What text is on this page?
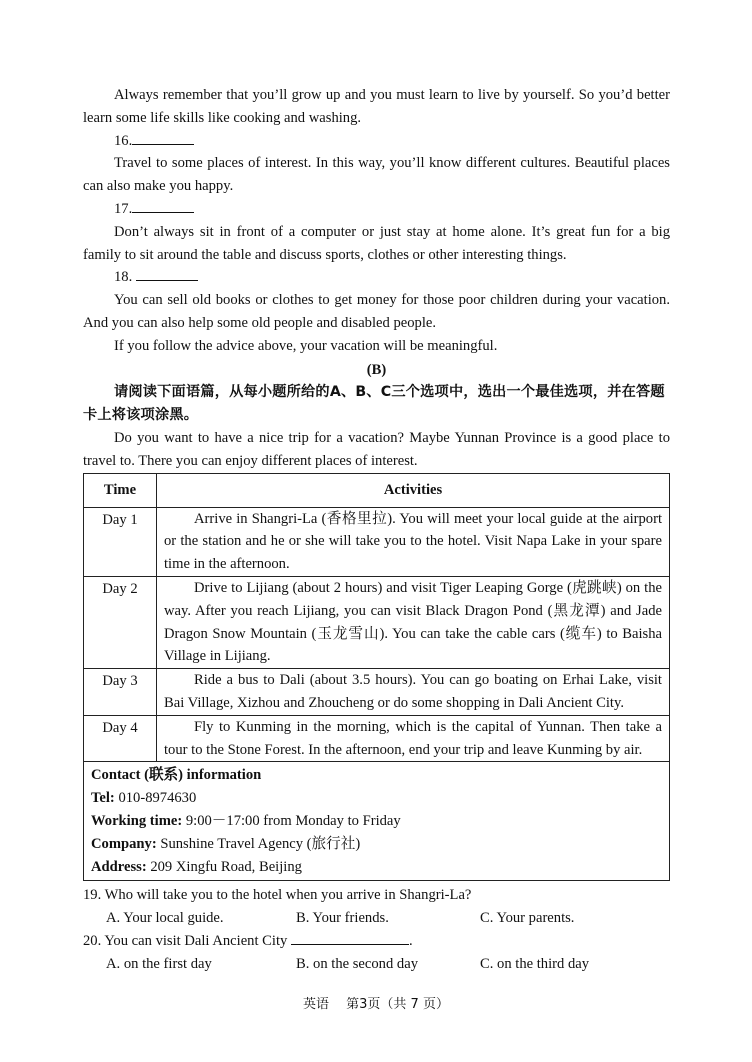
Always remember that you’ll grow up and you must learn to live by yourself. So you’d better learn some life skills like cooking and washing.

16.

Travel to some places of interest. In this way, you’ll know different cultures. Beautiful places can also make you happy.

17.

Don’t always sit in front of a computer or just stay at home alone. It’s great fun for a big family to sit around the table and discuss sports, clothes or other interesting things.

18.

You can sell old books or clothes to get money for those poor children during your vacation. And you can also help some old people and disabled people.

If you follow the advice above, your vacation will be meaningful.

(B)

请阅读下面语篇，从每小题所给的A、B、C三个选项中，选出一个最佳选项，并在答题卡上将该项涂黑。

Do you want to have a nice trip for a vacation? Maybe Yunnan Province is a good place to travel to. There you can enjoy different places of interest.

Time	Activities
Day 1	Arrive in Shangri-La (香格里拉). You will meet your local guide at the airport or the station and he or she will take you to the hotel. Visit Napa Lake in your spare time in the afternoon.
Day 2	Drive to Lijiang (about 2 hours) and visit Tiger Leaping Gorge (虎跳峡) on the way. After you reach Lijiang, you can visit Black Dragon Pond (黑龙潭) and Jade Dragon Snow Mountain (玉龙雪山). You can take the cable cars (缆车) to Baisha Village in Lijiang.
Day 3	Ride a bus to Dali (about 3.5 hours). You can go boating on Erhai Lake, visit Bai Village, Xizhou and Zhoucheng or do some shopping in Dali Ancient City.
Day 4	Fly to Kunming in the morning, which is the capital of Yunnan. Then take a tour to the Stone Forest. In the afternoon, end your trip and leave Kunming by air.

Contact (联系) information
Tel: 010-8974630
Working time: 9:00－17:00 from Monday to Friday
Company: Sunshine Travel Agency (旅行社)
Address: 209 Xingfu Road, Beijing	

19. Who will take you to the hotel when you arrive in Shangri-La?

A. Your local guide.	B. Your friends.	C. Your parents.

20. You can visit Dali Ancient City	.

A. on the first day	B. on the second day	C. on the third day
英语　 第3页（共 7 页）
